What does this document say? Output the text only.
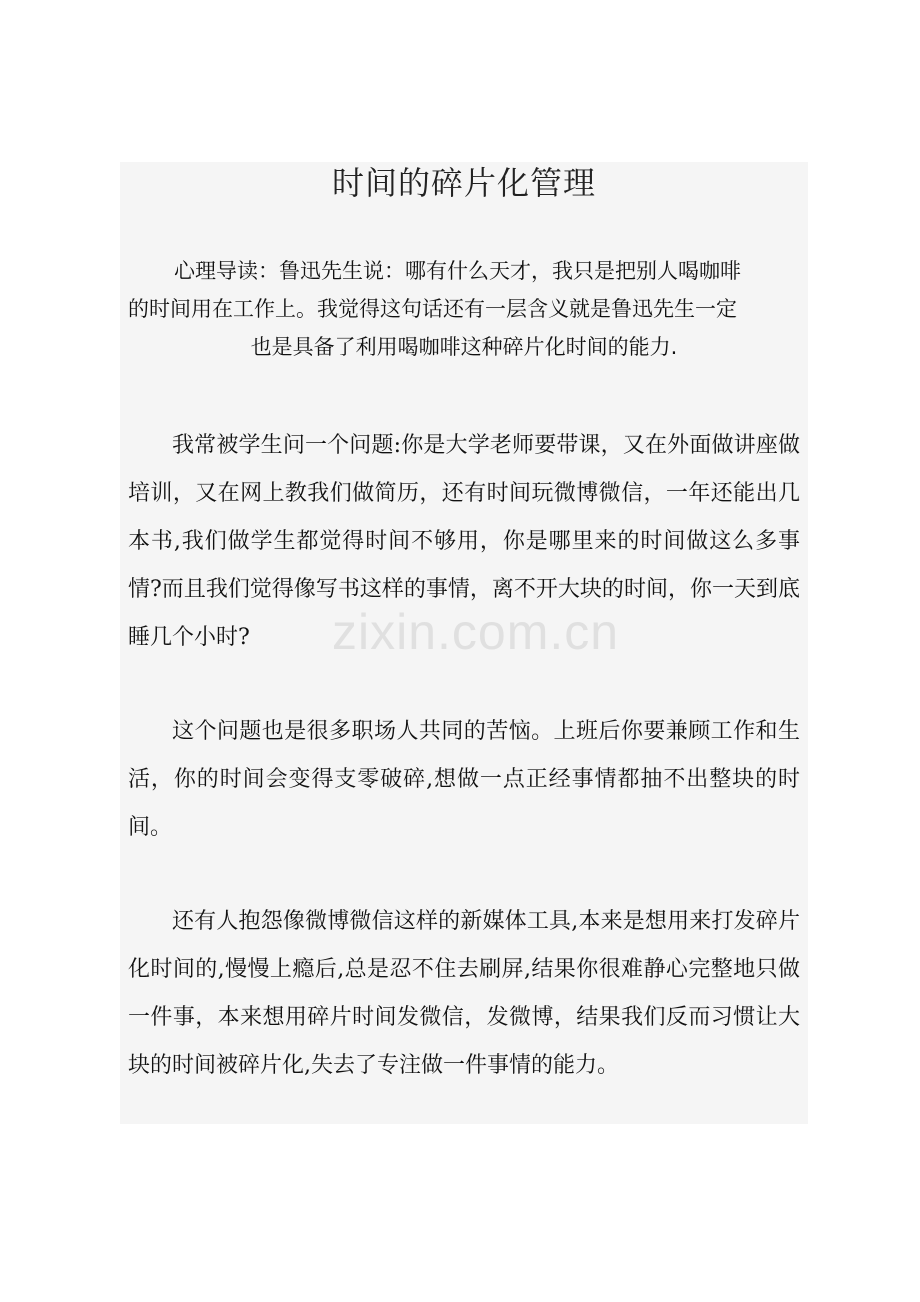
时间的碎片化管理
心理导读：鲁迅先生说：哪有什么天才，我只是把别人喝咖啡
的时间用在工作上。我觉得这句话还有一层含义就是鲁迅先生一定
也是具备了利用喝咖啡这种碎片化时间的能力.

我常被学生问一个问题:你是大学老师要带课，又在外面做讲座做培训，又在网上教我们做简历，还有时间玩微博微信，一年还能出几本书,我们做学生都觉得时间不够用，你是哪里来的时间做这么多事情?而且我们觉得像写书这样的事情，离不开大块的时间，你一天到底睡几个小时?

这个问题也是很多职场人共同的苦恼。上班后你要兼顾工作和生活，你的时间会变得支零破碎,想做一点正经事情都抽不出整块的时间。

还有人抱怨像微博微信这样的新媒体工具,本来是想用来打发碎片化时间的,慢慢上瘾后,总是忍不住去刷屏,结果你很难静心完整地只做一件事，本来想用碎片时间发微信，发微博，结果我们反而习惯让大块的时间被碎片化,失去了专注做一件事情的能力。

zixin.com.cn
